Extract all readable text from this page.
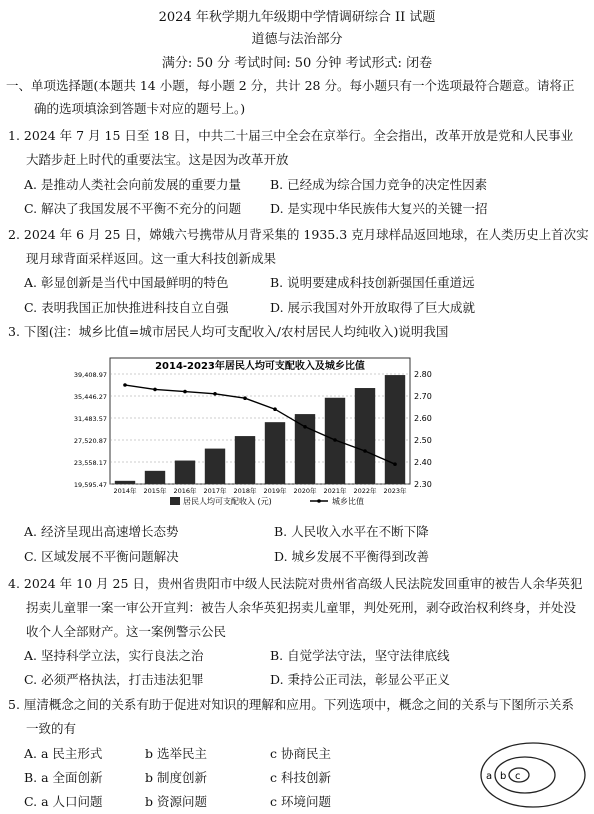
2024 年秋学期九年级期中学情调研综合 II 试题
道德与法治部分
满分: 50 分 考试时间: 50 分钟 考试形式: 闭卷
一、单项选择题(本题共 14 小题，每小题 2 分，共计 28 分。每小题只有一个选项最符合题意。请将正
确的选项填涂到答题卡对应的题号上。)
1. 2024 年 7 月 15 日至 18 日，中共二十届三中全会在京举行。全会指出，改革开放是党和人民事业
大踏步赶上时代的重要法宝。这是因为改革开放
A. 是推动人类社会向前发展的重要力量 B. 已经成为综合国力竞争的决定性因素
C. 解决了我国发展不平衡不充分的问题 D. 是实现中华民族伟大复兴的关键一招
2. 2024 年 6 月 25 日，嫦娥六号携带从月背采集的 1935.3 克月球样品返回地球，在人类历史上首次实
现月球背面采样返回。这一重大科技创新成果
A. 彰显创新是当代中国最鲜明的特色	B. 说明要建成科技创新强国任重道远
C. 表明我国正加快推进科技自立自强	D. 展示我国对外开放取得了巨大成就
3. 下图(注：城乡比值=城市居民人均可支配收入/农村居民人均纯收入)说明我国
2014-2023年居民人均可支配收入及城乡比值
19,595.47
23,558.17
27,520.87
31,483.57
35,446.27
39,408.97
2.30
2.40
2.50
2.60
2.70
2.80
2014年 2015年 2016年 2017年 2018年 2019年 2020年 2021年 2022年 2023年
居民人均可支配收入 (元)	城乡比值
A. 经济呈现出高速增长态势	B. 人民收入水平在不断下降
C. 区域发展不平衡问题解决	D. 城乡发展不平衡得到改善
4. 2024 年 10 月 25 日，贵州省贵阳市中级人民法院对贵州省高级人民法院发回重审的被告人余华英犯
拐卖儿童罪一案一审公开宣判：被告人余华英犯拐卖儿童罪，判处死刑，剥夺政治权利终身，并处没
收个人全部财产。这一案例警示公民
A. 坚持科学立法，实行良法之治	B. 自觉学法守法，坚守法律底线
C. 必须严格执法，打击违法犯罪	D. 秉持公正司法，彰显公平正义
5. 厘清概念之间的关系有助于促进对知识的理解和应用。下列选项中，概念之间的关系与下图所示关系
一致的有
A. a 民主形式	b 选举民主	c 协商民主
B. a 全面创新	b 制度创新	c 科技创新
C. a 人口问题	b 资源问题	c 环境问题
a b c
